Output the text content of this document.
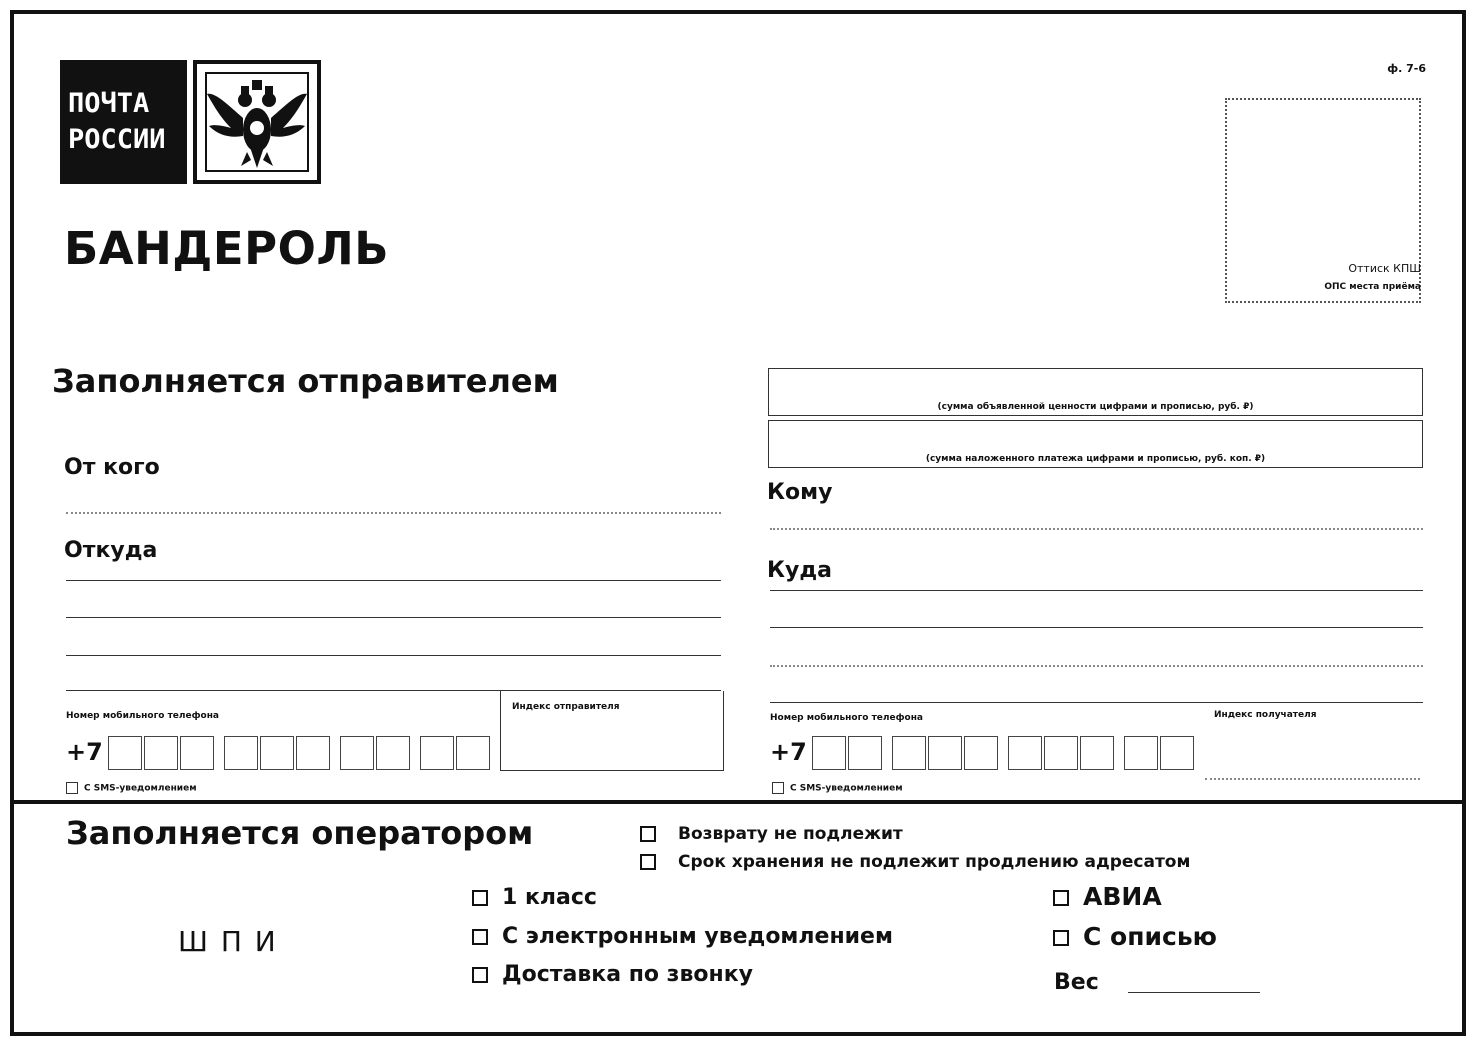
ПОЧТА
РОССИИ
ф. 7-6
Оттиск КПШ
ОПС места приёма
БАНДЕРОЛЬ
Заполняется отправителем
От кого
Откуда
Номер мобильного телефона
+7
Индекс отправителя
С SMS-уведомлением
(сумма объявленной ценности цифрами и прописью, руб. ₽)
(сумма наложенного платежа цифрами и прописью, руб. коп. ₽)
Кому
Куда
Номер мобильного телефона
+7
Индекс получателя
С SMS-уведомлением
Заполняется оператором	Возврату не подлежит
Срок хранения не подлежит продлению адресатом
Ш П И
1 класс
С электронным уведомлением
Доставка по звонку
АВИА
С описью
Вес
